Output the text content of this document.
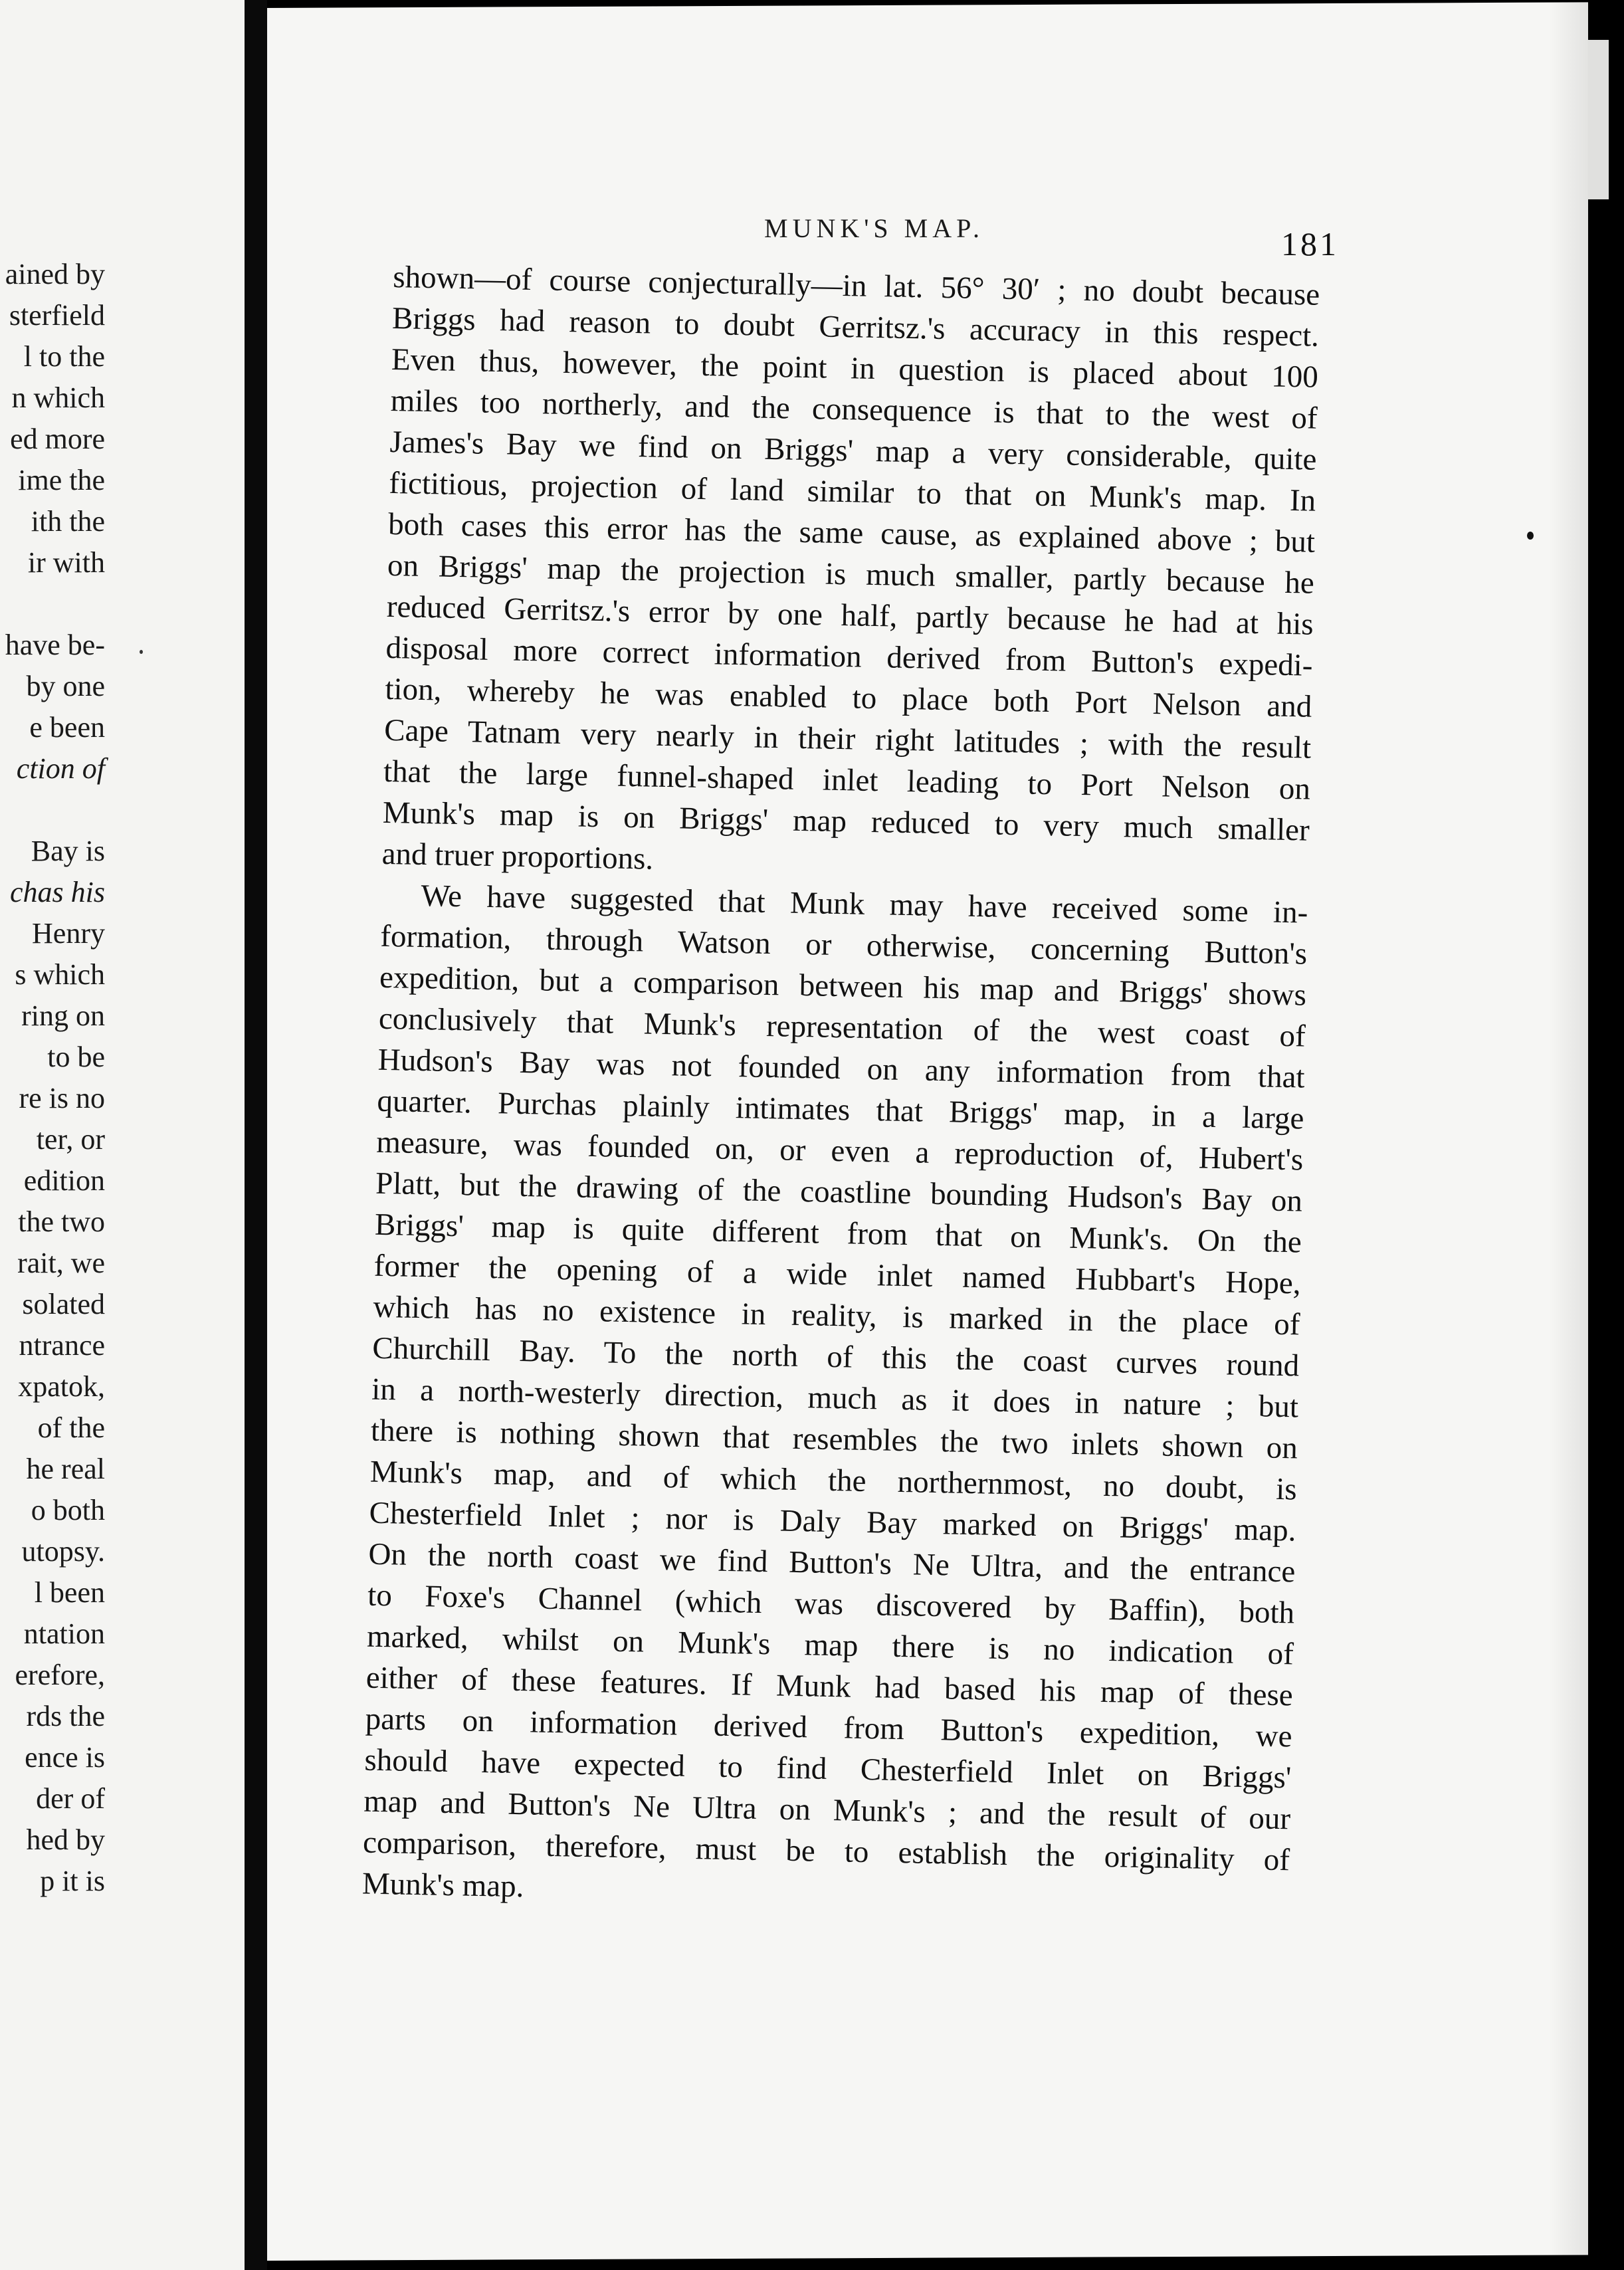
ained by
sterfield
l to the
n which
ed more
ime the
ith the
ir with
have be-
by one
e been
ction of
Bay is
chas his
Henry
s which
ring on
to be
re is no
ter, or
edition
the two
rait, we
solated
ntrance
xpatok,
of the
he real
o both
utopsy.
l been
ntation
erefore,
rds the
ence is
der of
hed by
p it is
MUNK'S MAP.	181
shown—of course conjecturally—in lat. 56° 30′ ; no doubt because
Briggs had reason to doubt Gerritsz.'s accuracy in this respect.
Even thus, however, the point in question is placed about 100
miles too northerly, and the consequence is that to the west of
James's Bay we find on Briggs' map a very considerable, quite
fictitious, projection of land similar to that on Munk's map. In
both cases this error has the same cause, as explained above ; but
on Briggs' map the projection is much smaller, partly because he
reduced Gerritsz.'s error by one half, partly because he had at his
disposal more correct information derived from Button's expedi-
tion, whereby he was enabled to place both Port Nelson and
Cape Tatnam very nearly in their right latitudes ; with the result
that the large funnel-shaped inlet leading to Port Nelson on
Munk's map is on Briggs' map reduced to very much smaller
and truer proportions.
We have suggested that Munk may have received some in-
formation, through Watson or otherwise, concerning Button's
expedition, but a comparison between his map and Briggs' shows
conclusively that Munk's representation of the west coast of
Hudson's Bay was not founded on any information from that
quarter. Purchas plainly intimates that Briggs' map, in a large
measure, was founded on, or even a reproduction of, Hubert's
Platt, but the drawing of the coastline bounding Hudson's Bay on
Briggs' map is quite different from that on Munk's. On the
former the opening of a wide inlet named Hubbart's Hope,
which has no existence in reality, is marked in the place of
Churchill Bay. To the north of this the coast curves round
in a north-westerly direction, much as it does in nature ; but
there is nothing shown that resembles the two inlets shown on
Munk's map, and of which the northernmost, no doubt, is
Chesterfield Inlet ; nor is Daly Bay marked on Briggs' map.
On the north coast we find Button's Ne Ultra, and the entrance
to Foxe's Channel (which was discovered by Baffin), both
marked, whilst on Munk's map there is no indication of
either of these features. If Munk had based his map of these
parts on information derived from Button's expedition, we
should have expected to find Chesterfield Inlet on Briggs'
map and Button's Ne Ultra on Munk's ; and the result of our
comparison, therefore, must be to establish the originality of
Munk's map.
